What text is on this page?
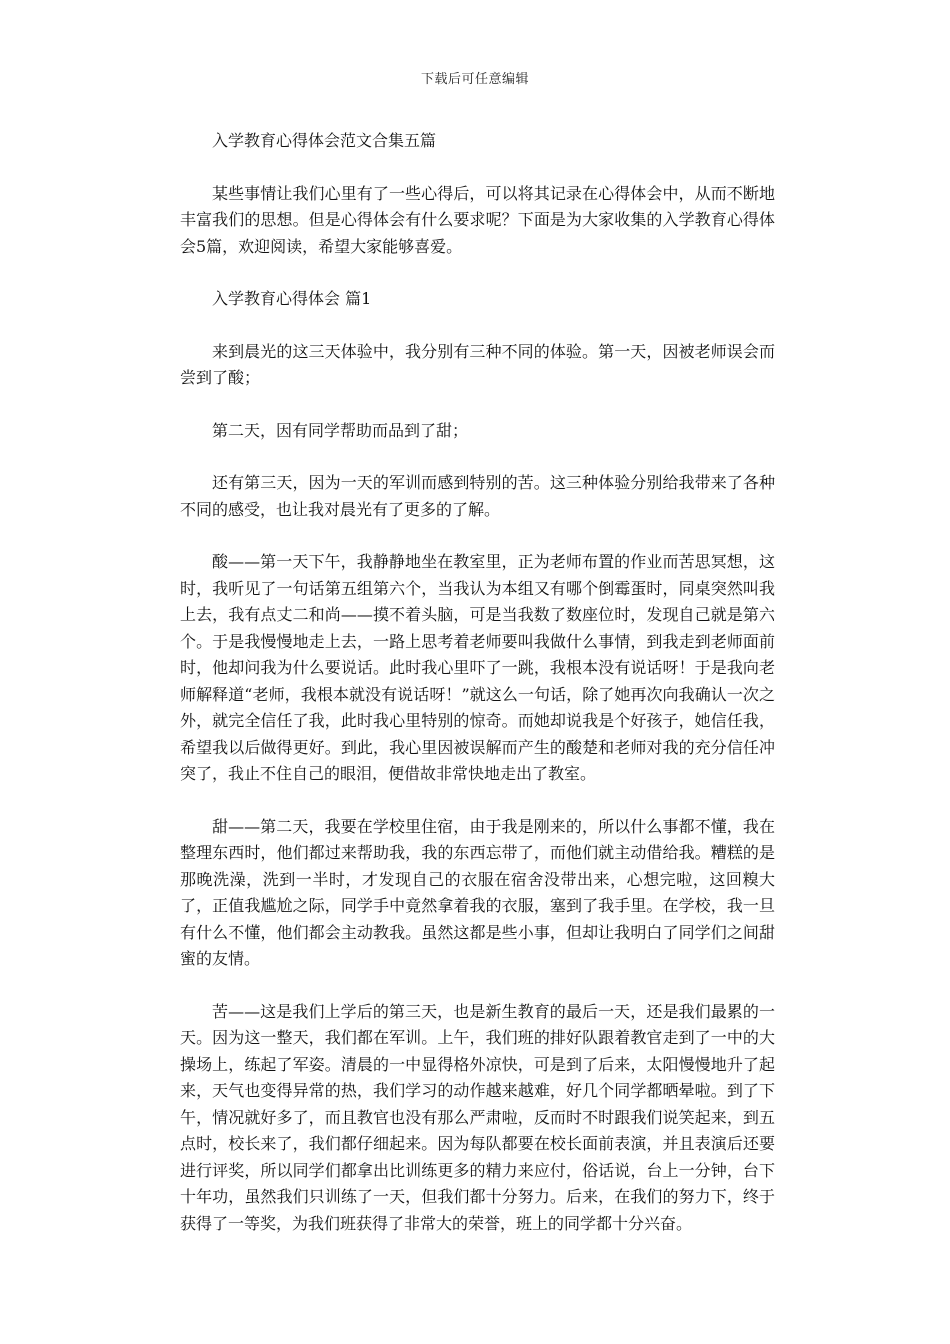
下载后可任意编辑

入学教育心得体会范文合集五篇

某些事情让我们心里有了一些心得后，可以将其记录在心得体会中，从而不断地丰富我们的思想。但是心得体会有什么要求呢？下面是为大家收集的入学教育心得体会5篇，欢迎阅读，希望大家能够喜爱。

入学教育心得体会 篇1

来到晨光的这三天体验中，我分别有三种不同的体验。第一天，因被老师误会而尝到了酸；

第二天，因有同学帮助而品到了甜；

还有第三天，因为一天的军训而感到特别的苦。这三种体验分别给我带来了各种不同的感受，也让我对晨光有了更多的了解。

酸——第一天下午，我静静地坐在教室里，正为老师布置的作业而苦思冥想，这时，我听见了一句话第五组第六个，当我认为本组又有哪个倒霉蛋时，同桌突然叫我上去，我有点丈二和尚——摸不着头脑，可是当我数了数座位时，发现自己就是第六个。于是我慢慢地走上去，一路上思考着老师要叫我做什么事情，到我走到老师面前时，他却问我为什么要说话。此时我心里吓了一跳，我根本没有说话呀！于是我向老师解释道“老师，我根本就没有说话呀！”就这么一句话，除了她再次向我确认一次之外，就完全信任了我，此时我心里特别的惊奇。而她却说我是个好孩子，她信任我，希望我以后做得更好。到此，我心里因被误解而产生的酸楚和老师对我的充分信任冲突了，我止不住自己的眼泪，便借故非常快地走出了教室。

甜——第二天，我要在学校里住宿，由于我是刚来的，所以什么事都不懂，我在整理东西时，他们都过来帮助我，我的东西忘带了，而他们就主动借给我。糟糕的是那晚洗澡，洗到一半时，才发现自己的衣服在宿舍没带出来，心想完啦，这回糗大了，正值我尴尬之际，同学手中竟然拿着我的衣服，塞到了我手里。在学校，我一旦有什么不懂，他们都会主动教我。虽然这都是些小事，但却让我明白了同学们之间甜蜜的友情。

苦——这是我们上学后的第三天，也是新生教育的最后一天，还是我们最累的一天。因为这一整天，我们都在军训。上午，我们班的排好队跟着教官走到了一中的大操场上，练起了军姿。清晨的一中显得格外凉快，可是到了后来，太阳慢慢地升了起来，天气也变得异常的热，我们学习的动作越来越难，好几个同学都晒晕啦。到了下午，情况就好多了，而且教官也没有那么严肃啦，反而时不时跟我们说笑起来，到五点时，校长来了，我们都仔细起来。因为每队都要在校长面前表演，并且表演后还要进行评奖，所以同学们都拿出比训练更多的精力来应付，俗话说，台上一分钟，台下十年功，虽然我们只训练了一天，但我们都十分努力。后来，在我们的努力下，终于获得了一等奖，为我们班获得了非常大的荣誉，班上的同学都十分兴奋。
